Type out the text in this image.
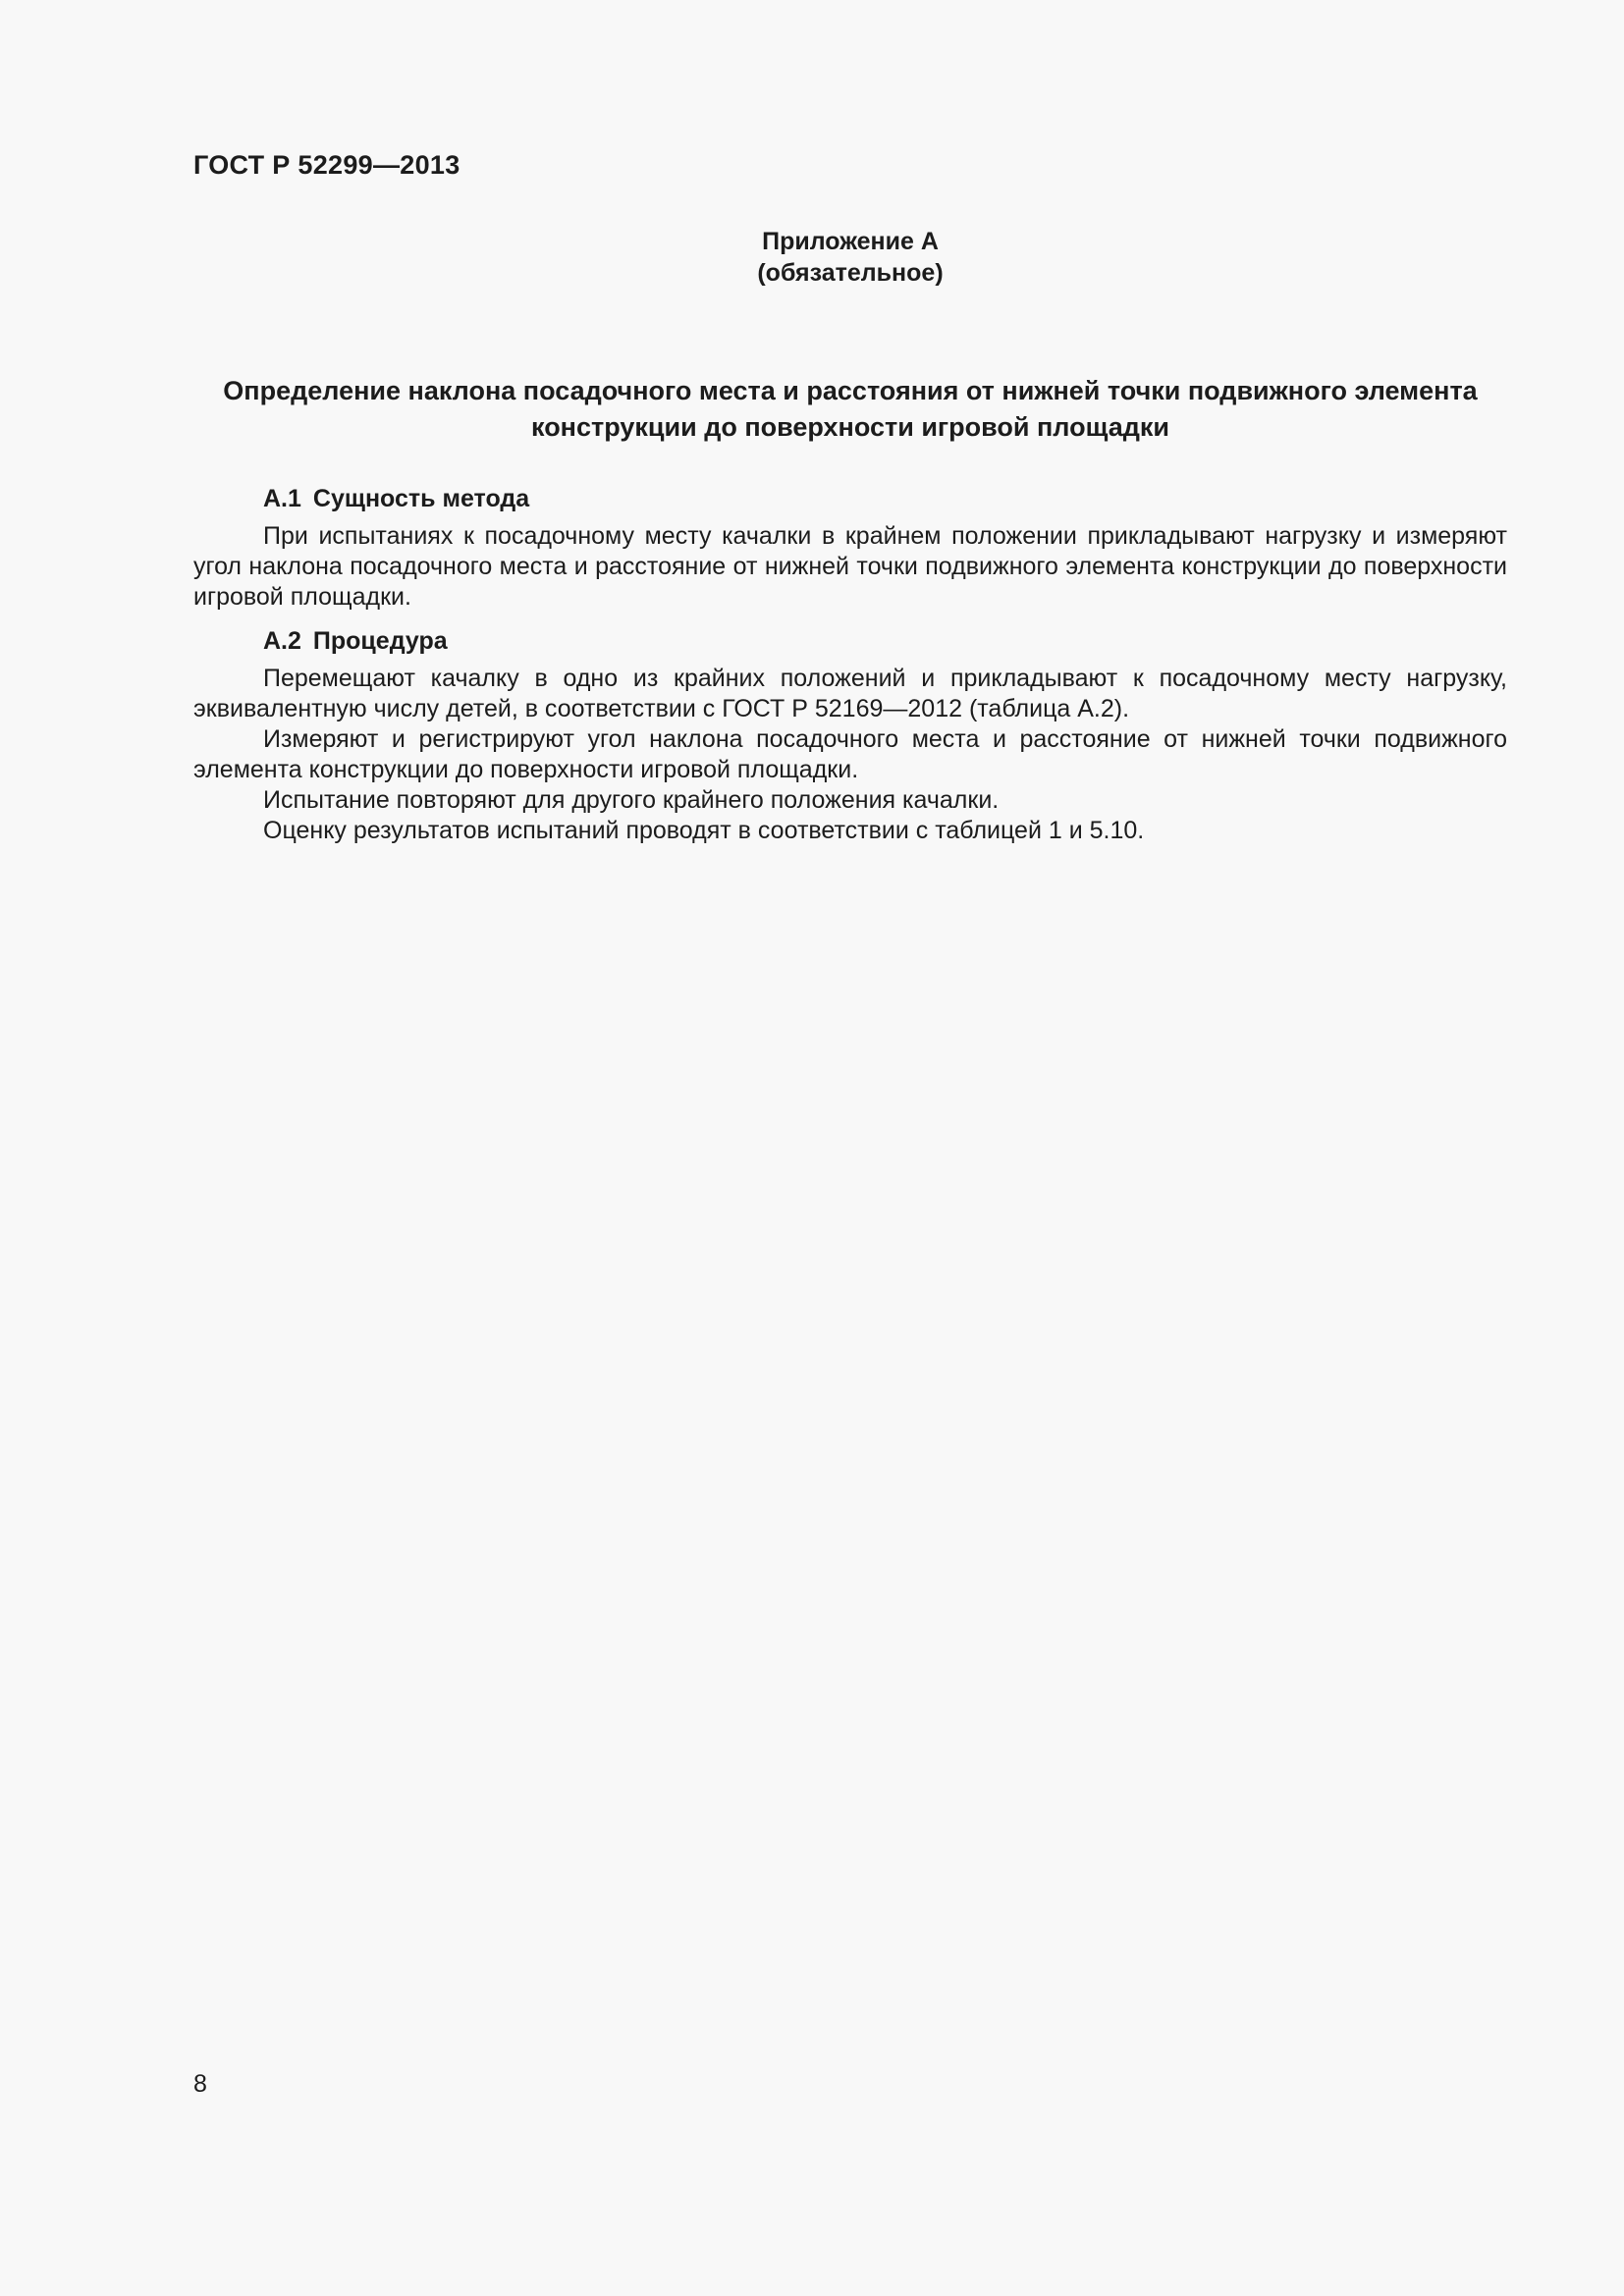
ГОСТ Р 52299—2013

Приложение А
(обязательное)
Определение наклона посадочного места и расстояния от нижней точки подвижного элемента
конструкции до поверхности игровой площадки

А.1 Сущность метода

При испытаниях к посадочному месту качалки в крайнем положении прикладывают нагрузку и измеряют угол наклона посадочного места и расстояние от нижней точки подвижного элемента конструкции до поверхности игровой площадки.

А.2 Процедура

Перемещают качалку в одно из крайних положений и прикладывают к посадочному месту нагрузку, эквивалентную числу детей, в соответствии с ГОСТ Р 52169—2012 (таблица А.2).

Измеряют и регистрируют угол наклона посадочного места и расстояние от нижней точки подвижного элемента конструкции до поверхности игровой площадки.

Испытание повторяют для другого крайнего положения качалки.

Оценку результатов испытаний проводят в соответствии с таблицей 1 и 5.10.

8
